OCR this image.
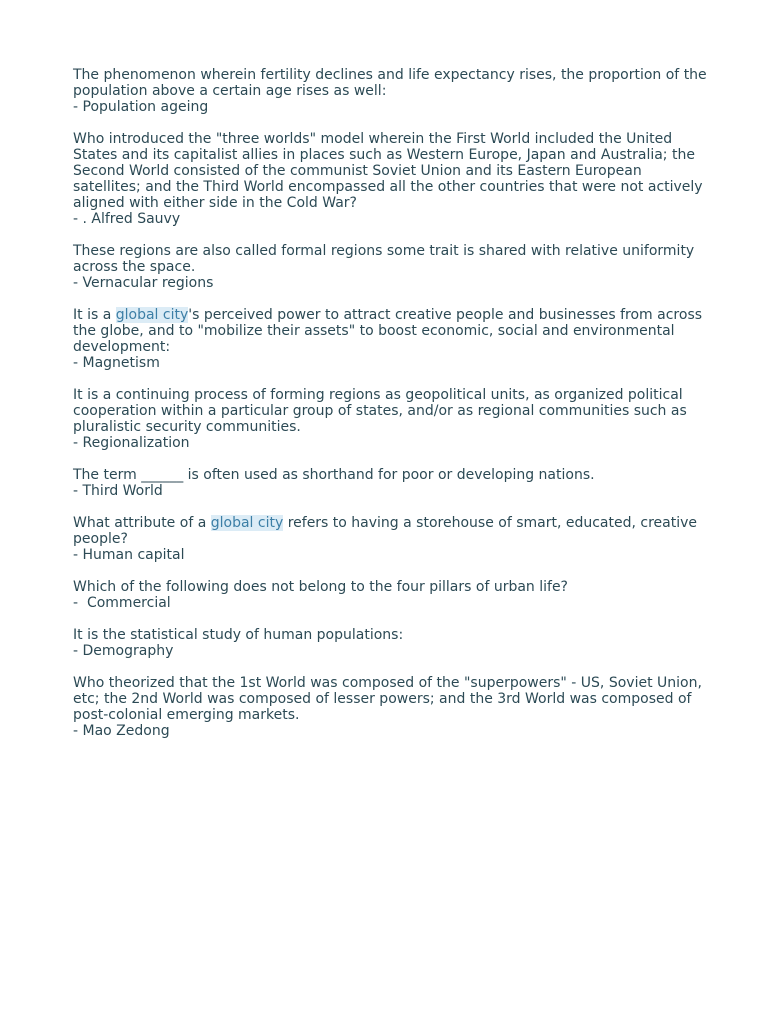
The phenomenon wherein fertility declines and life expectancy rises, the proportion of the population above a certain age rises as well:

- Population ageing

Who introduced the "three worlds" model wherein the First World included the United States and its capitalist allies in places such as Western Europe, Japan and Australia; the Second World consisted of the communist Soviet Union and its Eastern European satellites; and the Third World encompassed all the other countries that were not actively aligned with either side in the Cold War?

- . Alfred Sauvy

These regions are also called formal regions some trait is shared with relative uniformity across the space.

- Vernacular regions

It is a global city's perceived power to attract creative people and businesses from across the globe, and to "mobilize their assets" to boost economic, social and environmental development:

- Magnetism

It is a continuing process of forming regions as geopolitical units, as organized political cooperation within a particular group of states, and/or as regional communities such as pluralistic security communities.

- Regionalization

The term ______ is often used as shorthand for poor or developing nations.

- Third World

What attribute of a global city refers to having a storehouse of smart, educated, creative people?

- Human capital

Which of the following does not belong to the four pillars of urban life?

-  Commercial

It is the statistical study of human populations:

- Demography

Who theorized that the 1st World was composed of the "superpowers" - US, Soviet Union, etc; the 2nd World was composed of lesser powers; and the 3rd World was composed of post-colonial emerging markets.

- Mao Zedong
